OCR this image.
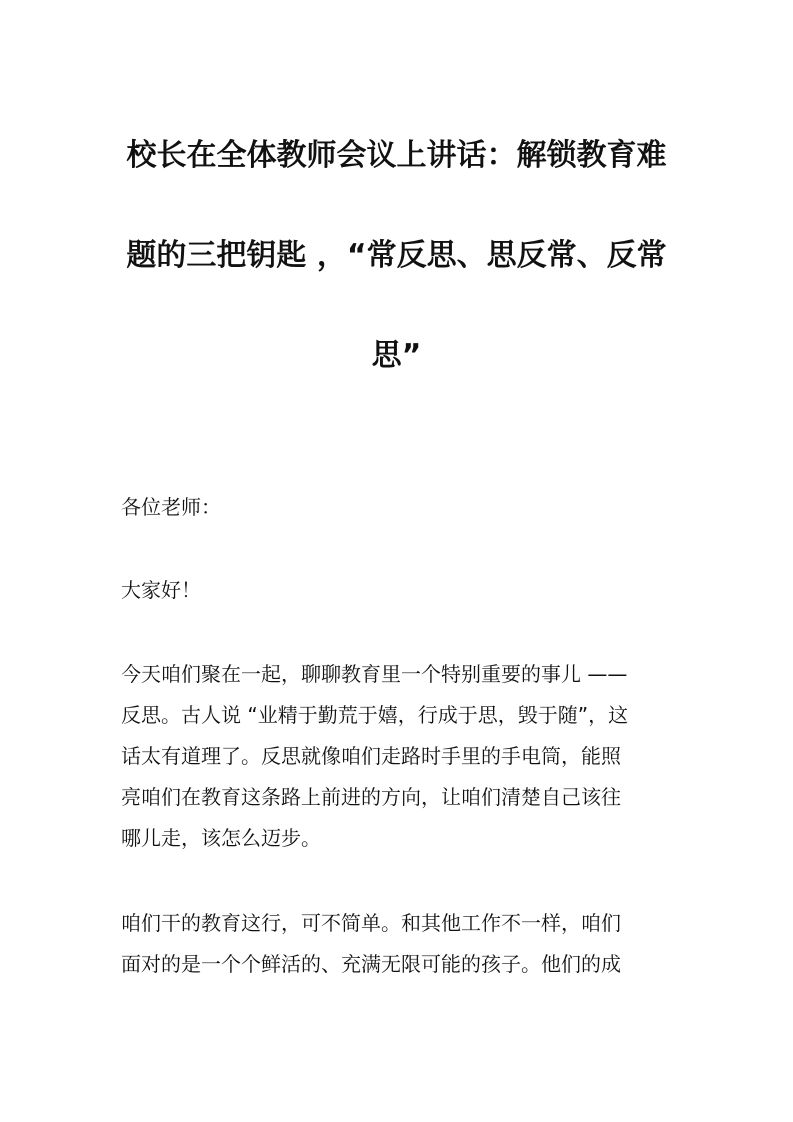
校长在全体教师会议上讲话：解锁教育难
题的三把钥匙 ，“常反思、思反常、反常
思”
各位老师：
大家好！
今天咱们聚在一起，聊聊教育里一个特别重要的事儿 ——
反思。古人说 “业精于勤荒于嬉，行成于思，毁于随”，这
话太有道理了。反思就像咱们走路时手里的手电筒，能照
亮咱们在教育这条路上前进的方向，让咱们清楚自己该往
哪儿走，该怎么迈步。
咱们干的教育这行，可不简单。和其他工作不一样，咱们
面对的是一个个鲜活的、充满无限可能的孩子。他们的成
